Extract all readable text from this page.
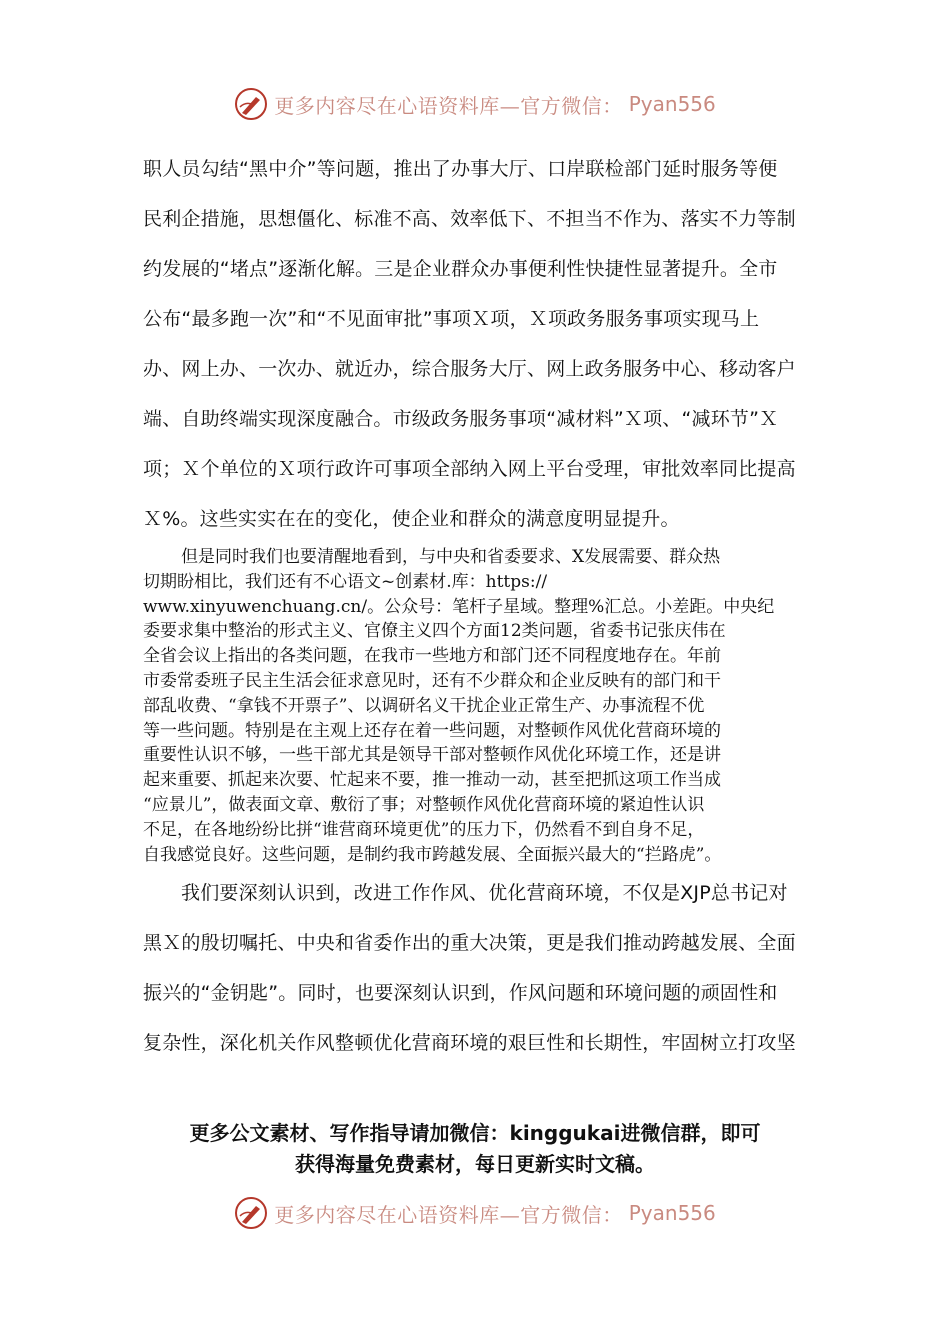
更多内容尽在心语资料库—官方微信： Pyan556
职人员勾结“黑中介”等问题，推出了办事大厅、口岸联检部门延时服务等便
民利企措施，思想僵化、标准不高、效率低下、不担当不作为、落实不力等制
约发展的“堵点”逐渐化解。三是企业群众办事便利性快捷性显著提升。全市
公布“最多跑一次”和“不见面审批”事项Ｘ项，Ｘ项政务服务事项实现马上
办、网上办、一次办、就近办，综合服务大厅、网上政务服务中心、移动客户
端、自助终端实现深度融合。市级政务服务事项“减材料”Ｘ项、“减环节”Ｘ
项；Ｘ个单位的Ｘ项行政许可事项全部纳入网上平台受理，审批效率同比提高
Ｘ%。这些实实在在的变化，使企业和群众的满意度明显提升。
但是同时我们也要清醒地看到，与中央和省委要求、X发展需要、群众热
切期盼相比，我们还有不心语文~创素材.库：https://
www.xinyuwenchuang.cn/。公众号：笔杆子星域。整理%汇总。小差距。中央纪
委要求集中整治的形式主义、官僚主义四个方面12类问题，省委书记张庆伟在
全省会议上指出的各类问题，在我市一些地方和部门还不同程度地存在。年前
市委常委班子民主生活会征求意见时，还有不少群众和企业反映有的部门和干
部乱收费、“拿钱不开票子”、以调研名义干扰企业正常生产、办事流程不优
等一些问题。特别是在主观上还存在着一些问题，对整顿作风优化营商环境的
重要性认识不够，一些干部尤其是领导干部对整顿作风优化环境工作，还是讲
起来重要、抓起来次要、忙起来不要，推一推动一动，甚至把抓这项工作当成
“应景儿”，做表面文章、敷衍了事；对整顿作风优化营商环境的紧迫性认识
不足，在各地纷纷比拼“谁营商环境更优”的压力下，仍然看不到自身不足，
自我感觉良好。这些问题，是制约我市跨越发展、全面振兴最大的“拦路虎”。
我们要深刻认识到，改进工作作风、优化营商环境，不仅是XJP总书记对
黑Ｘ的殷切嘱托、中央和省委作出的重大决策，更是我们推动跨越发展、全面
振兴的“金钥匙”。同时，也要深刻认识到，作风问题和环境问题的顽固性和
复杂性，深化机关作风整顿优化营商环境的艰巨性和长期性，牢固树立打攻坚
更多公文素材、写作指导请加微信：kinggukai进微信群，即可
获得海量免费素材，每日更新实时文稿。
更多内容尽在心语资料库—官方微信： Pyan556
